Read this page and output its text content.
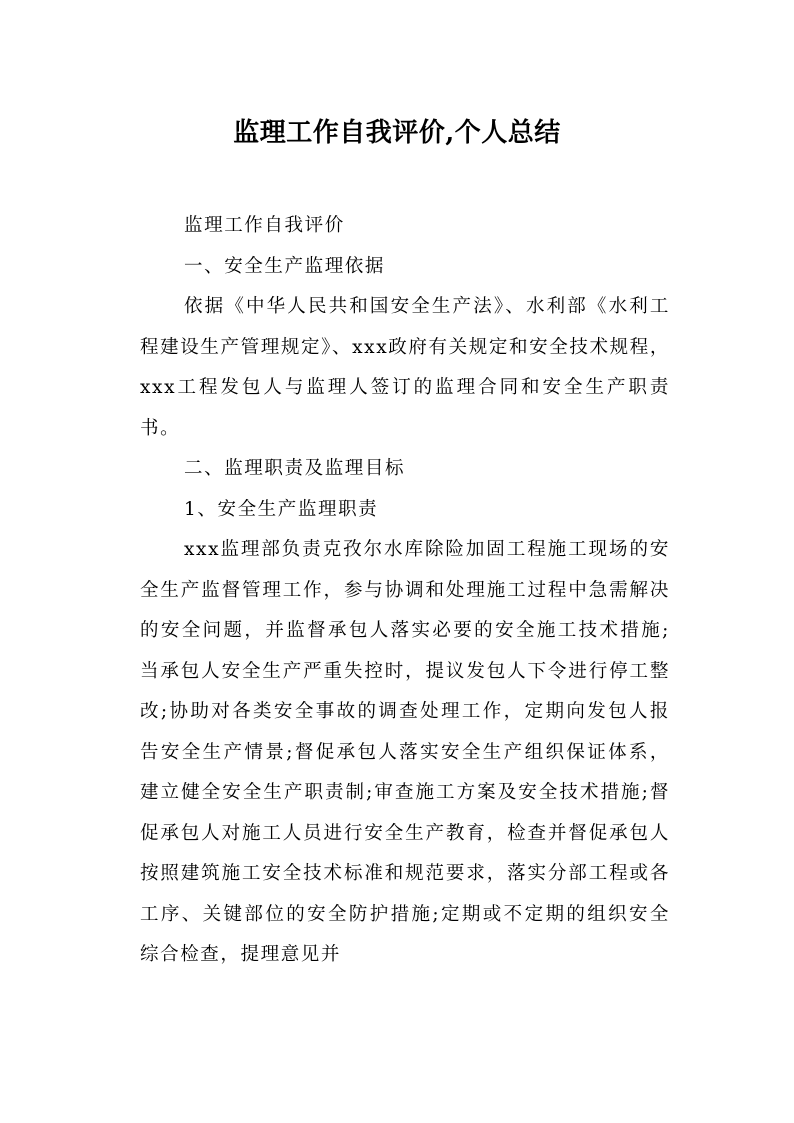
监理工作自我评价,个人总结

监理工作自我评价

一、安全生产监理依据

依据《中华人民共和国安全生产法》、水利部《水利工程建设生产管理规定》、xxx政府有关规定和安全技术规程，xxx工程发包人与监理人签订的监理合同和安全生产职责书。

二、监理职责及监理目标

1、安全生产监理职责

xxx监理部负责克孜尔水库除险加固工程施工现场的安全生产监督管理工作，参与协调和处理施工过程中急需解决的安全问题，并监督承包人落实必要的安全施工技术措施;当承包人安全生产严重失控时，提议发包人下令进行停工整改;协助对各类安全事故的调查处理工作，定期向发包人报告安全生产情景;督促承包人落实安全生产组织保证体系，建立健全安全生产职责制;审查施工方案及安全技术措施;督促承包人对施工人员进行安全生产教育，检查并督促承包人按照建筑施工安全技术标准和规范要求，落实分部工程或各工序、关键部位的安全防护措施;定期或不定期的组织安全综合检查，提理意见并
